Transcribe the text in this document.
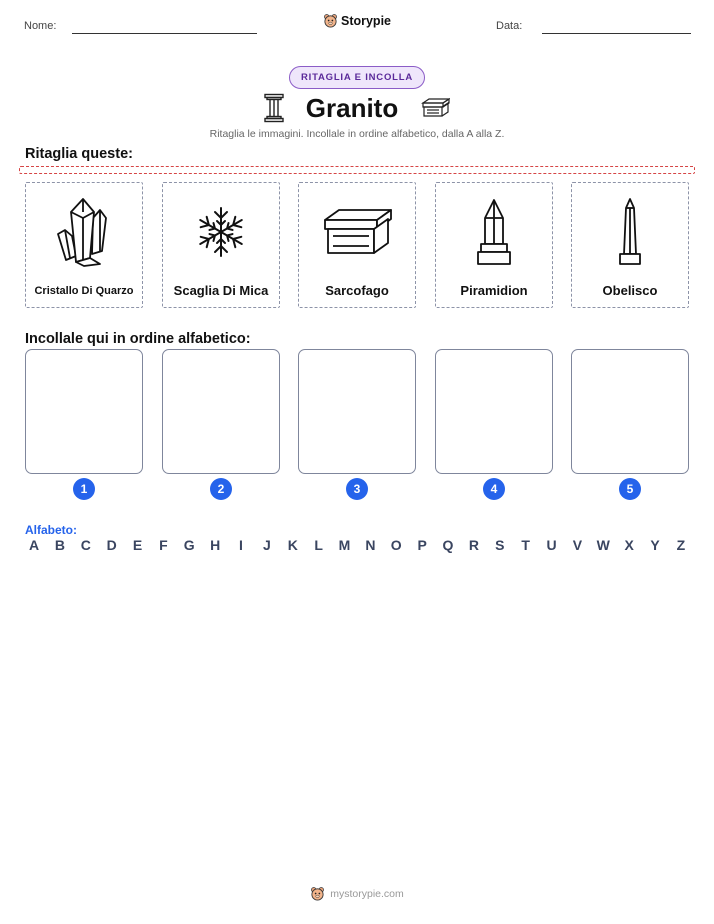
Nome:	Storypie	Data:
RITAGLIA E INCOLLA
Granito
Ritaglia le immagini. Incollale in ordine alfabetico, dalla A alla Z.
Ritaglia queste:
Cristallo Di Quarzo	Scaglia Di Mica	Sarcofago	Piramidion	Obelisco
Incollale qui in ordine alfabetico:
1	2	3	4	5
Alfabeto:
A B C D	E	F	G H	I	J	K	L	M N O	P	Q R	S	T	U	V	W	X	Y	Z
mystorypie.com
